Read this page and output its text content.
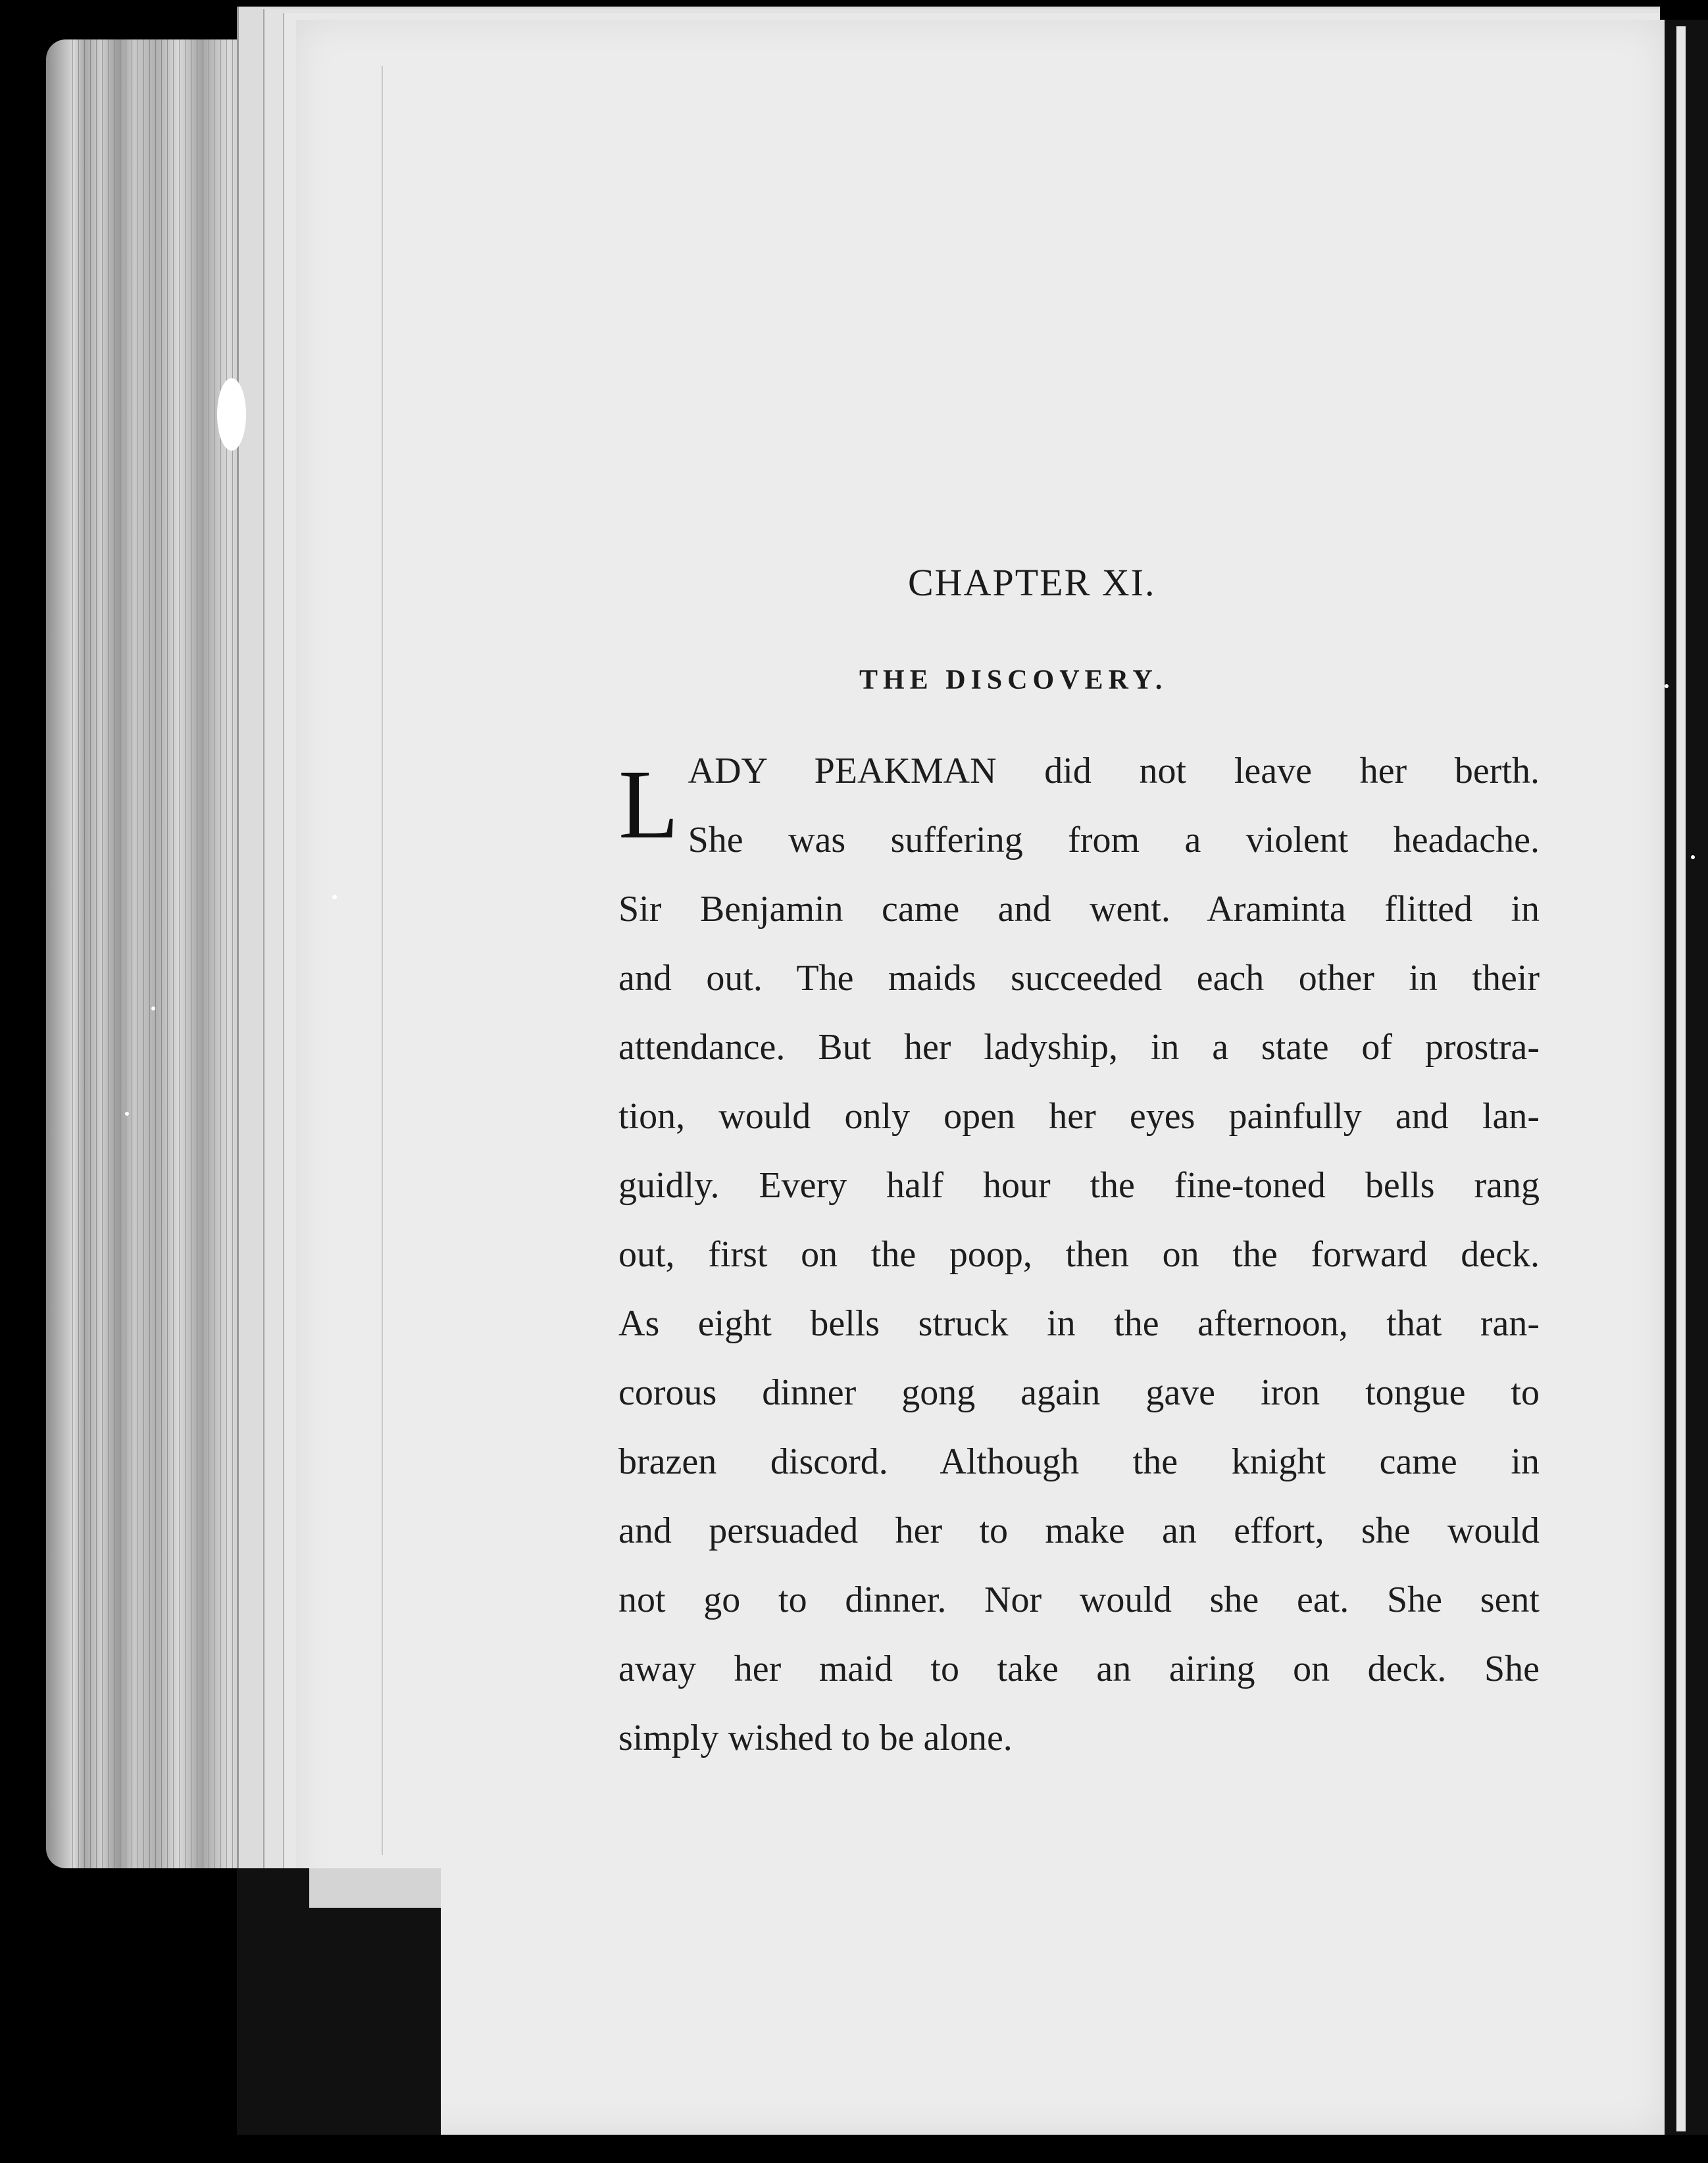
CHAPTER XI.
THE DISCOVERY.
L ADY PEAKMAN did not leave her berth.
She was suffering from a violent headache.
Sir Benjamin came and went. Araminta flitted in
and out. The maids succeeded each other in their
attendance. But her ladyship, in a state of prostra-
tion, would only open her eyes painfully and lan-
guidly. Every half hour the fine-toned bells rang
out, first on the poop, then on the forward deck.
As eight bells struck in the afternoon, that ran-
corous dinner gong again gave iron tongue to
brazen discord. Although the knight came in
and persuaded her to make an effort, she would
not go to dinner. Nor would she eat. She sent
away her maid to take an airing on deck. She
simply wished to be alone.
